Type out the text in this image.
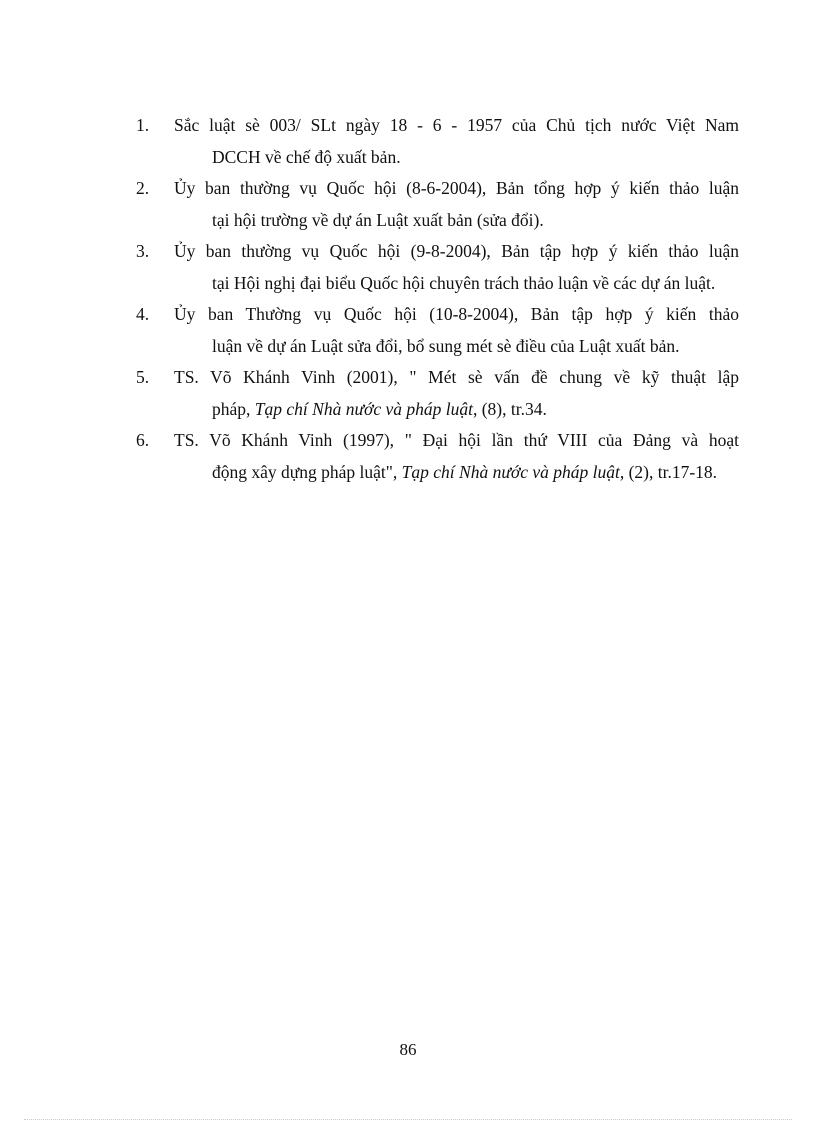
1. Sắc luật sè 003/ SLt ngày 18 - 6 - 1957 của Chủ tịch nước Việt Nam
DCCH về chế độ xuất bản.
2. Ủy ban thường vụ Quốc hội (8-6-2004), Bản tổng hợp ý kiến thảo luận
tại hội trường về dự án Luật xuất bản (sửa đổi).
3. Ủy ban thường vụ Quốc hội (9-8-2004), Bản tập hợp ý kiến thảo luận
tại Hội nghị đại biểu Quốc hội chuyên trách thảo luận về các dự án luật.
4. Ủy ban Thường vụ Quốc hội (10-8-2004), Bản tập hợp ý kiến thảo
luận về dự án Luật sửa đổi, bổ sung mét sè điều của Luật xuất bản.
5. TS. Võ Khánh Vinh (2001), " Mét sè vấn đề chung về kỹ thuật lập
pháp, Tạp chí Nhà nước và pháp luật, (8), tr.34.
6. TS. Võ Khánh Vinh (1997), " Đại hội lần thứ VIII của Đảng và hoạt
động xây dựng pháp luật", Tạp chí Nhà nước và pháp luật, (2), tr.17-18.
86
